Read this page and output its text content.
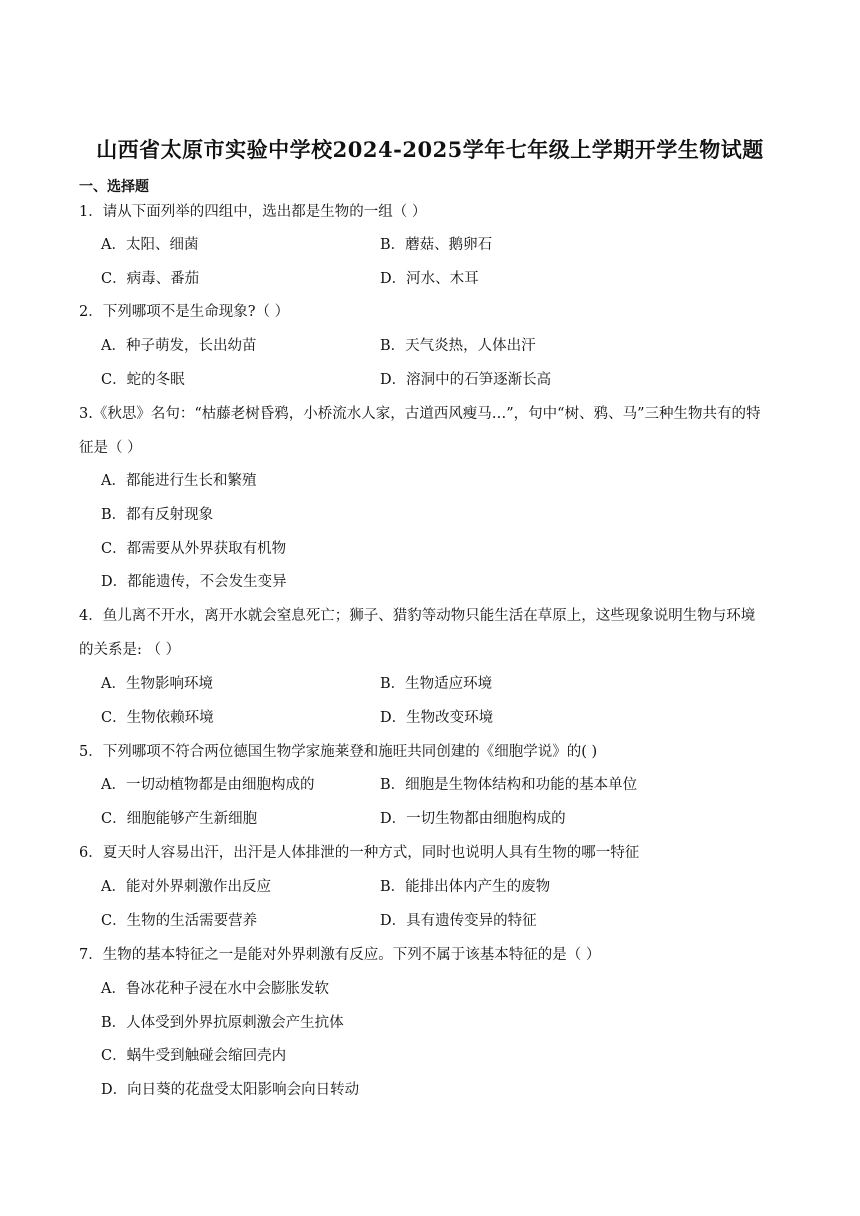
山西省太原市实验中学校2024-2025学年七年级上学期开学生物试题
一、选择题
1．请从下面列举的四组中，选出都是生物的一组（ ）
A．太阳、细菌	B．蘑菇、鹅卵石
C．病毒、番茄	D．河水、木耳
2．下列哪项不是生命现象?（ ）
A．种子萌发，长出幼苗	B．天气炎热，人体出汗
C．蛇的冬眠	D．溶洞中的石笋逐渐长高
3.《秋思》名句：“枯藤老树昏鸦，小桥流水人家，古道西风瘦马…”，句中“树、鸦、马”三种生物共有的特
征是（ ）
A．都能进行生长和繁殖
B．都有反射现象
C．都需要从外界获取有机物
D．都能遗传，不会发生变异
4．鱼儿离不开水，离开水就会窒息死亡；狮子、猎豹等动物只能生活在草原上，这些现象说明生物与环境
的关系是: （ ）
A．生物影响环境	B．生物适应环境
C．生物依赖环境	D．生物改变环境
5．下列哪项不符合两位德国生物学家施莱登和施旺共同创建的《细胞学说》的( )
A．一切动植物都是由细胞构成的	B．细胞是生物体结构和功能的基本单位
C．细胞能够产生新细胞	D．一切生物都由细胞构成的
6．夏天时人容易出汗，出汗是人体排泄的一种方式，同时也说明人具有生物的哪一特征
A．能对外界刺激作出反应	B．能排出体内产生的废物
C．生物的生活需要营养	D．具有遗传变异的特征
7．生物的基本特征之一是能对外界刺激有反应。下列不属于该基本特征的是（ ）
A．鲁冰花种子浸在水中会膨胀发软
B．人体受到外界抗原刺激会产生抗体
C．蜗牛受到触碰会缩回壳内
D．向日葵的花盘受太阳影响会向日转动
